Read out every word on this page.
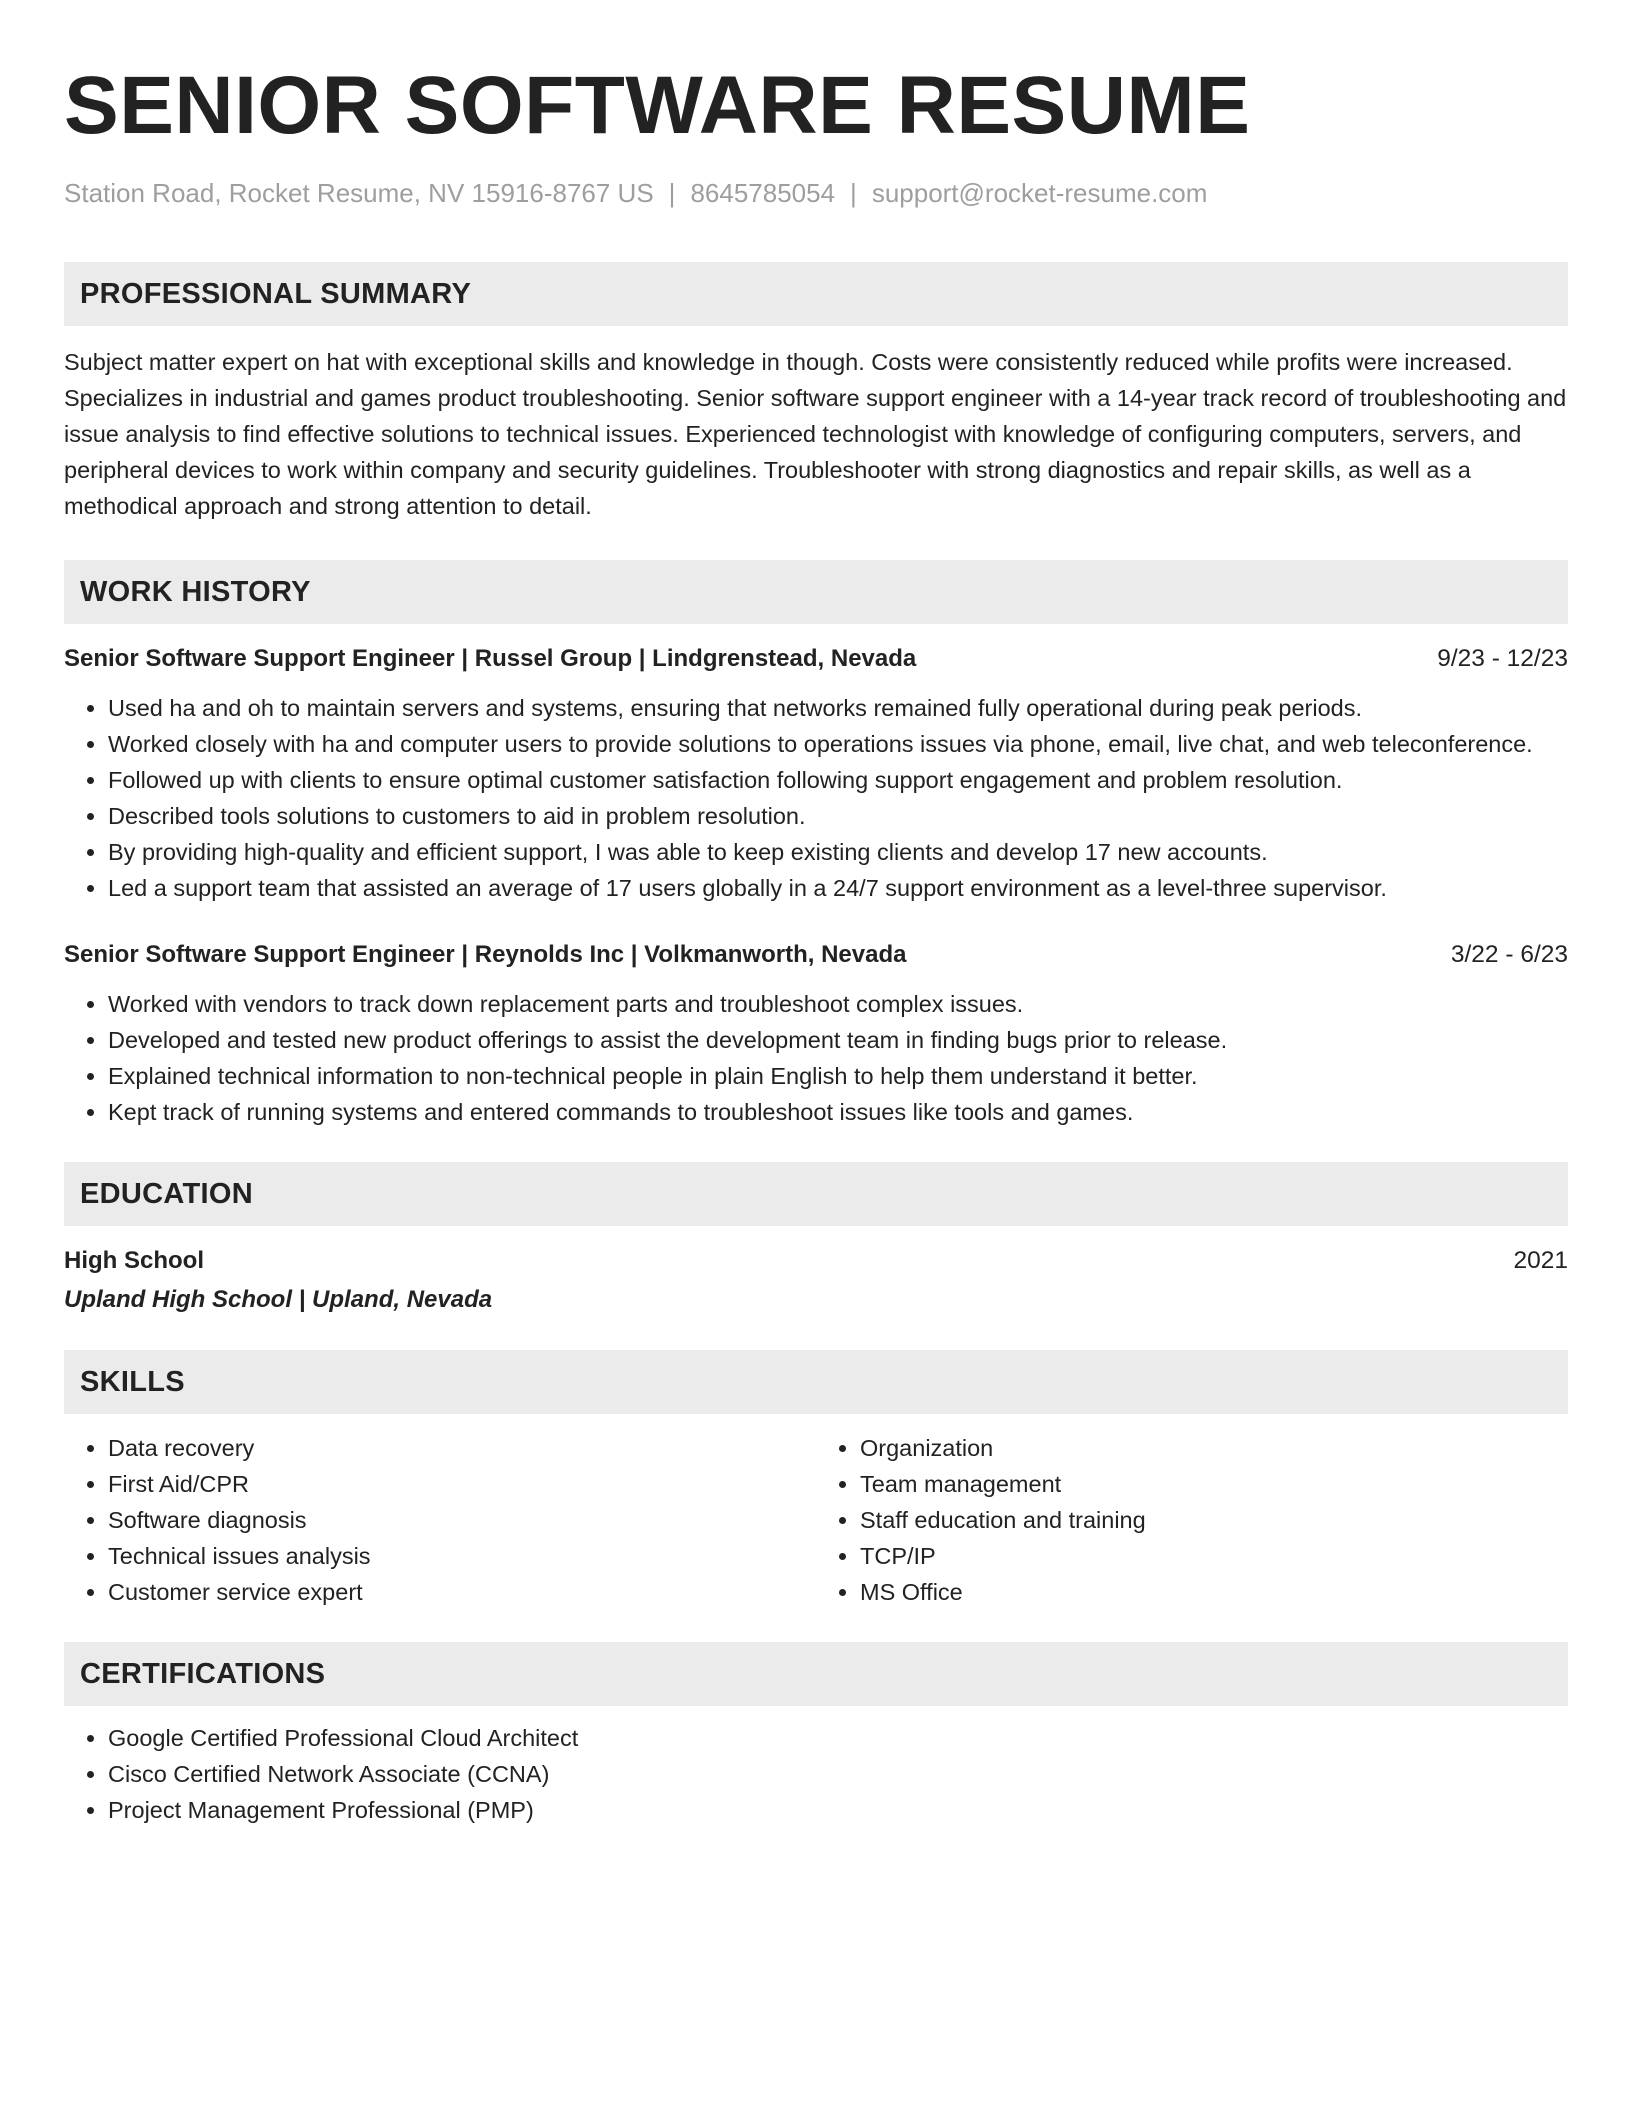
SENIOR SOFTWARE RESUME
Station Road, Rocket Resume, NV 15916-8767 US | 8645785054 | support@rocket-resume.com
PROFESSIONAL SUMMARY
Subject matter expert on hat with exceptional skills and knowledge in though. Costs were consistently reduced while profits were increased. Specializes in industrial and games product troubleshooting. Senior software support engineer with a 14-year track record of troubleshooting and issue analysis to find effective solutions to technical issues. Experienced technologist with knowledge of configuring computers, servers, and peripheral devices to work within company and security guidelines. Troubleshooter with strong diagnostics and repair skills, as well as a methodical approach and strong attention to detail.
WORK HISTORY
Senior Software Support Engineer | Russel Group | Lindgrenstead, Nevada	9/23 - 12/23
• Used ha and oh to maintain servers and systems, ensuring that networks remained fully operational during peak periods.
• Worked closely with ha and computer users to provide solutions to operations issues via phone, email, live chat, and web teleconference.
• Followed up with clients to ensure optimal customer satisfaction following support engagement and problem resolution.
• Described tools solutions to customers to aid in problem resolution.
• By providing high-quality and efficient support, I was able to keep existing clients and develop 17 new accounts.
• Led a support team that assisted an average of 17 users globally in a 24/7 support environment as a level-three supervisor.
Senior Software Support Engineer | Reynolds Inc | Volkmanworth, Nevada	3/22 - 6/23
• Worked with vendors to track down replacement parts and troubleshoot complex issues.
• Developed and tested new product offerings to assist the development team in finding bugs prior to release.
• Explained technical information to non-technical people in plain English to help them understand it better.
• Kept track of running systems and entered commands to troubleshoot issues like tools and games.
EDUCATION
High School	2021
Upland High School | Upland, Nevada
SKILLS
• Data recovery
• First Aid/CPR
• Software diagnosis
• Technical issues analysis
• Customer service expert
• Organization
• Team management
• Staff education and training
• TCP/IP
• MS Office
CERTIFICATIONS
• Google Certified Professional Cloud Architect
• Cisco Certified Network Associate (CCNA)
• Project Management Professional (PMP)
